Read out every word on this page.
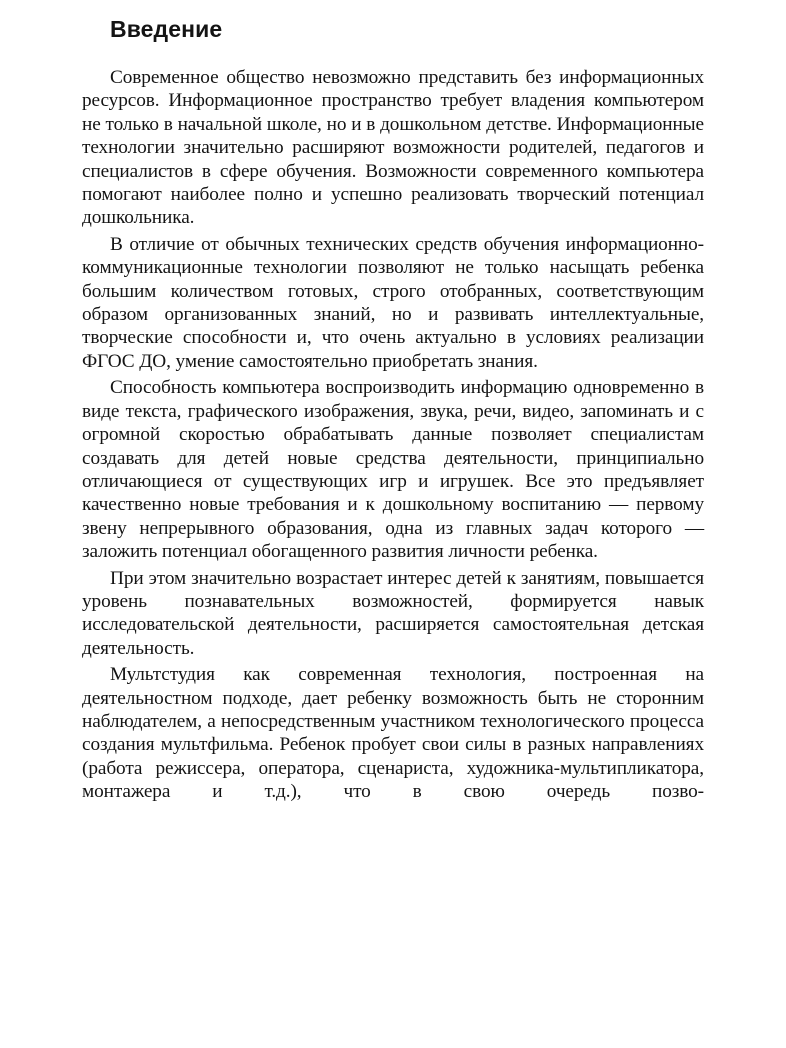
Введение

Современное общество невозможно представить без информационных ресурсов. Информационное пространство требует владения компьютером не только в начальной школе, но и в дошкольном детстве. Информационные технологии значительно расширяют возможности родителей, педагогов и специалистов в сфере обучения. Возможности современного компьютера помогают наиболее полно и успешно реализовать творческий потенциал дошкольника.

В отличие от обычных технических средств обучения информационно-коммуникационные технологии позволяют не только насыщать ребенка большим количеством готовых, строго отобранных, соответствующим образом организованных знаний, но и развивать интеллектуальные, творческие способности и, что очень актуально в условиях реализации ФГОС ДО, умение самостоятельно приобретать знания.

Способность компьютера воспроизводить информацию одновременно в виде текста, графического изображения, звука, речи, видео, запоминать и с огромной скоростью обрабатывать данные позволяет специалистам создавать для детей новые средства деятельности, принципиально отличающиеся от существующих игр и игрушек. Все это предъявляет качественно новые требования и к дошкольному воспитанию — первому звену непрерывного образования, одна из главных задач которого — заложить потенциал обогащенного развития личности ребенка.

При этом значительно возрастает интерес детей к занятиям, повышается уровень познавательных возможностей, формируется навык исследовательской деятельности, расширяется самостоятельная детская деятельность.

Мультстудия как современная технология, построенная на деятельностном подходе, дает ребенку возможность быть не сторонним наблюдателем, а непосредственным участником технологического процесса создания мультфильма. Ребенок пробует свои силы в разных направлениях (работа режиссера, оператора, сценариста, художника-мультипликатора, монтажера и т.д.), что в свою очередь позво-
